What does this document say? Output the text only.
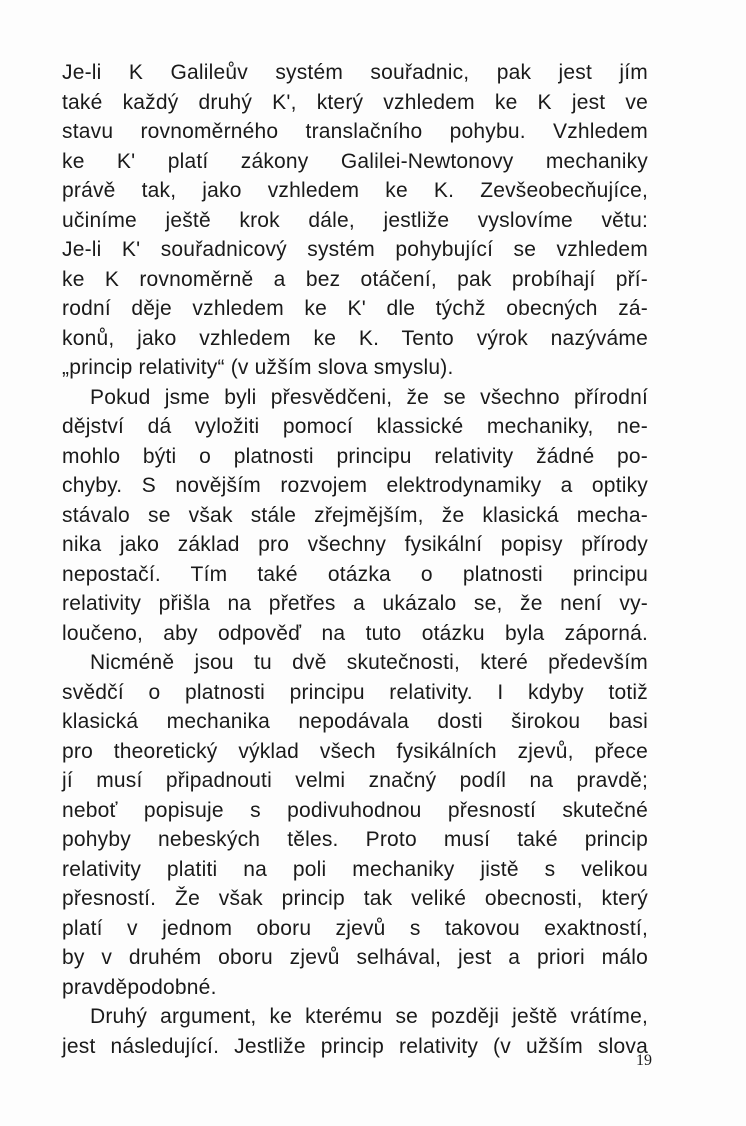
Je-li K Galileův systém souřadnic, pak jest jím
také každý druhý K', který vzhledem ke K jest ve
stavu rovnoměrného translačního pohybu. Vzhledem
ke K' platí zákony Galilei-Newtonovy mechaniky
právě tak, jako vzhledem ke K. Zevšeobecňujíce,
učiníme ještě krok dále, jestliže vyslovíme větu:
Je-li K' souřadnicový systém pohybující se vzhledem
ke K rovnoměrně a bez otáčení, pak probíhají pří-
rodní děje vzhledem ke K' dle týchž obecných zá-
konů, jako vzhledem ke K. Tento výrok nazýváme
„princip relativity“ (v užším slova smyslu).
Pokud jsme byli přesvědčeni, že se všechno přírodní
dějství dá vyložiti pomocí klassické mechaniky, ne-
mohlo býti o platnosti principu relativity žádné po-
chyby. S novějším rozvojem elektrodynamiky a optiky
stávalo se však stále zřejmějším, že klasická mecha-
nika jako základ pro všechny fysikální popisy přírody
nepostačí. Tím také otázka o platnosti principu
relativity přišla na přetřes a ukázalo se, že není vy-
loučeno, aby odpověď na tuto otázku byla záporná.
Nicméně jsou tu dvě skutečnosti, které především
svědčí o platnosti principu relativity. I kdyby totiž
klasická mechanika nepodávala dosti širokou basi
pro theoretický výklad všech fysikálních zjevů, přece
jí musí připadnouti velmi značný podíl na pravdě;
neboť popisuje s podivuhodnou přesností skutečné
pohyby nebeských těles. Proto musí také princip
relativity platiti na poli mechaniky jistě s velikou
přesností. Že však princip tak veliké obecnosti, který
platí v jednom oboru zjevů s takovou exaktností,
by v druhém oboru zjevů selhával, jest a priori málo
pravděpodobné.
Druhý argument, ke kterému se později ještě vrátíme,
jest následující. Jestliže princip relativity (v užším slova
19
